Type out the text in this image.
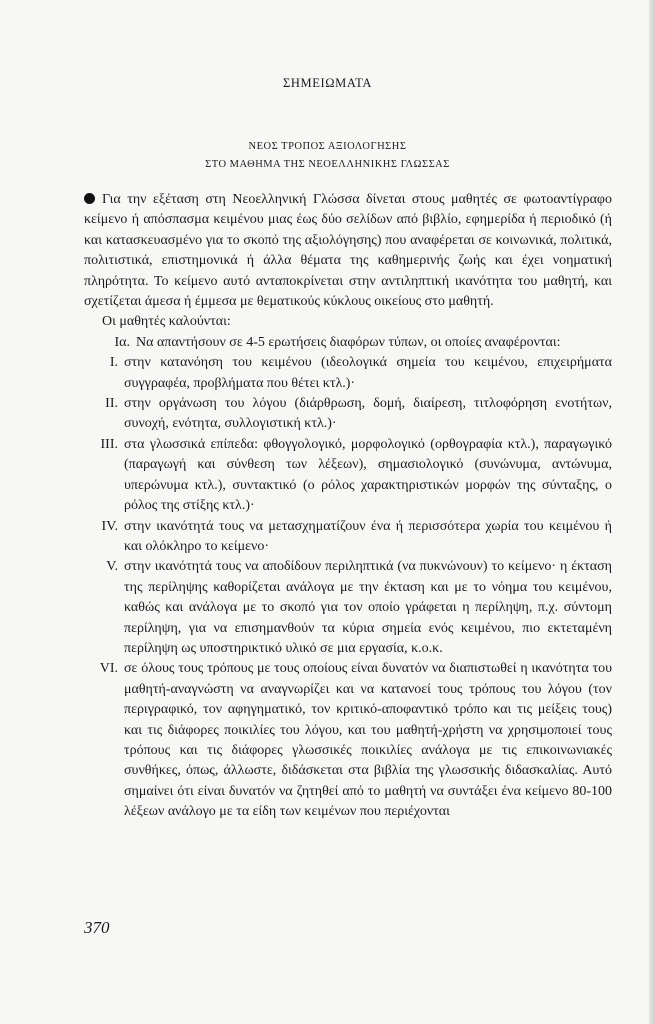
ΣΗΜΕΙΩΜΑΤΑ
ΝΕΟΣ ΤΡΟΠΟΣ ΑΞΙΟΛΟΓΗΣΗΣ
ΣΤΟ ΜΑΘΗΜΑ ΤΗΣ ΝΕΟΕΛΛΗΝΙΚΗΣ ΓΛΩΣΣΑΣ

Για την εξέταση στη Νεοελληνική Γλώσσα δίνεται στους μαθητές σε φωτοαντίγραφο κείμενο ή απόσπασμα κειμένου μιας έως δύο σελίδων από βιβλίο, εφημερίδα ή περιοδικό (ή και κατασκευασμένο για το σκοπό της αξιολόγησης) που αναφέρεται σε κοινωνικά, πολιτικά, πολιτιστικά, επιστημονικά ή άλλα θέματα της καθημερινής ζωής και έχει νοηματική πληρότητα. Το κείμενο αυτό ανταποκρίνεται στην αντιληπτική ικανότητα του μαθητή, και σχετίζεται άμεσα ή έμμεσα με θεματικούς κύκλους οικείους στο μαθητή.

Οι μαθητές καλούνται:

Ια. Να απαντήσουν σε 4-5 ερωτήσεις διαφόρων τύπων, οι οποίες αναφέρονται:
I. στην κατανόηση του κειμένου (ιδεολογικά σημεία του κειμένου, επιχειρήματα συγγραφέα, προβλήματα που θέτει κτλ.)·
II. στην οργάνωση του λόγου (διάρθρωση, δομή, διαίρεση, τιτλοφόρηση ενοτήτων, συνοχή, ενότητα, συλλογιστική κτλ.)·
III. στα γλωσσικά επίπεδα: φθογγολογικό, μορφολογικό (ορθογραφία κτλ.), παραγωγικό (παραγωγή και σύνθεση των λέξεων), σημασιολογικό (συνώνυμα, αντώνυμα, υπερώνυμα κτλ.), συντακτικό (ο ρόλος χαρακτηριστικών μορφών της σύνταξης, ο ρόλος της στίξης κτλ.)·
IV. στην ικανότητά τους να μετασχηματίζουν ένα ή περισσότερα χωρία του κειμένου ή και ολόκληρο το κείμενο·
V. στην ικανότητά τους να αποδίδουν περιληπτικά (να πυκνώνουν) το κείμενο· η έκταση της περίληψης καθορίζεται ανάλογα με την έκταση και με το νόημα του κειμένου, καθώς και ανάλογα με το σκοπό για τον οποίο γράφεται η περίληψη, π.χ. σύντομη περίληψη, για να επισημανθούν τα κύρια σημεία ενός κειμένου, πιο εκτεταμένη περίληψη ως υποστηρικτικό υλικό σε μια εργασία, κ.ο.κ.
VI. σε όλους τους τρόπους με τους οποίους είναι δυνατόν να διαπιστωθεί η ικανότητα του μαθητή-αναγνώστη να αναγνωρίζει και να κατανοεί τους τρόπους του λόγου (τον περιγραφικό, τον αφηγηματικό, τον κριτικό-αποφαντικό τρόπο και τις μείξεις τους) και τις διάφορες ποικιλίες του λόγου, και του μαθητή-χρήστη να χρησιμοποιεί τους τρόπους και τις διάφορες γλωσσικές ποικιλίες ανάλογα με τις επικοινωνιακές συνθήκες, όπως, άλλωστε, διδάσκεται στα βιβλία της γλωσσικής διδασκαλίας. Αυτό σημαίνει ότι είναι δυνατόν να ζητηθεί από το μαθητή να συντάξει ένα κείμενο 80-100 λέξεων ανάλογο με τα είδη των κειμένων που περιέχονται
370
